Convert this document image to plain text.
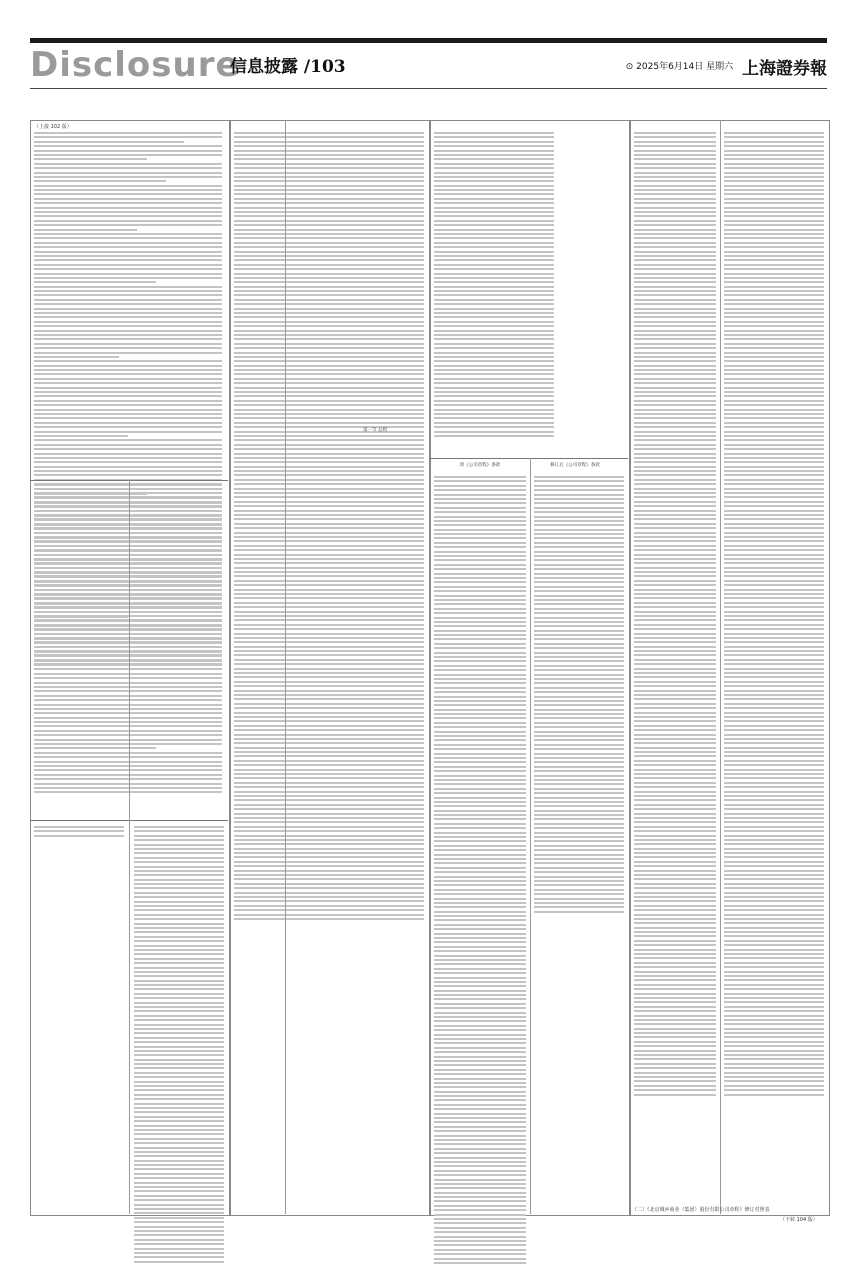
Disclosure
信息披露 /103	⊙ 2025年6月14日 星期六 上海證券報
（上接 102 版）
第一节 总则
原《公司章程》条款	修订后《公司章程》条款
（二）《北京城乡商业（集团）股份有限公司章程》修订对照表
（下转 104 版）
